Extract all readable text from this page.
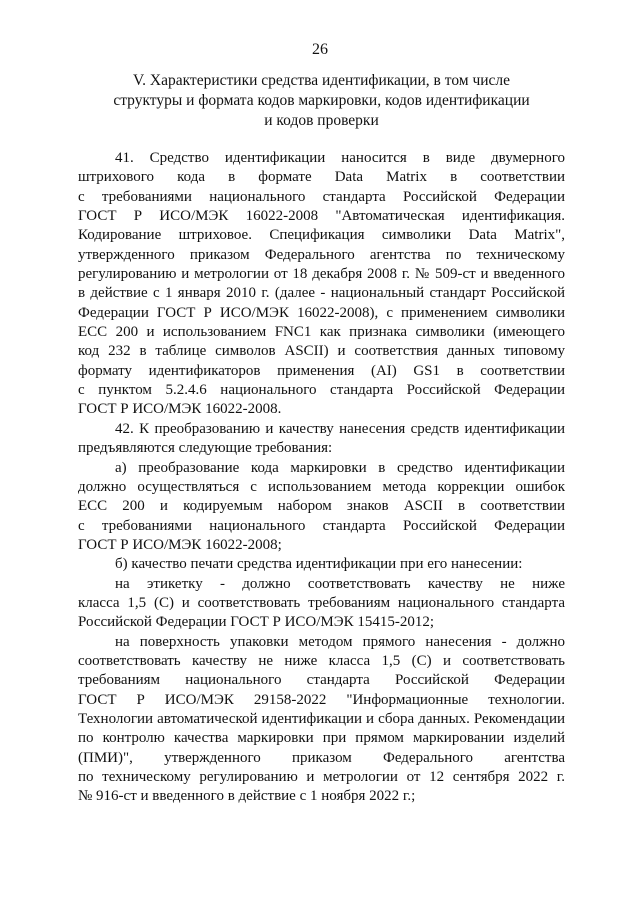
26
V. Характеристики средства идентификации, в том числе
структуры и формата кодов маркировки, кодов идентификации
и кодов проверки
41. Средство идентификации наносится в виде двумерного
штрихового кода в формате Data Matrix в соответствии
с требованиями национального стандарта Российской Федерации
ГОСТ Р ИСО/МЭК 16022-2008 "Автоматическая идентификация.
Кодирование штриховое. Спецификация символики Data Matrix",
утвержденного приказом Федерального агентства по техническому
регулированию и метрологии от 18 декабря 2008 г. № 509-ст и введенного
в действие с 1 января 2010 г. (далее - национальный стандарт Российской
Федерации ГОСТ Р ИСО/МЭК 16022-2008), с применением символики
ЕСС 200 и использованием FNC1 как признака символики (имеющего
код 232 в таблице символов ASCII) и соответствия данных типовому
формату идентификаторов применения (AI) GS1 в соответствии
с пунктом 5.2.4.6 национального стандарта Российской Федерации
ГОСТ Р ИСО/МЭК 16022-2008.
42. К преобразованию и качеству нанесения средств идентификации
предъявляются следующие требования:
а) преобразование кода маркировки в средство идентификации
должно осуществляться с использованием метода коррекции ошибок
ЕСС 200 и кодируемым набором знаков ASCII в соответствии
с требованиями национального стандарта Российской Федерации
ГОСТ Р ИСО/МЭК 16022-2008;
б) качество печати средства идентификации при его нанесении:
на этикетку - должно соответствовать качеству не ниже
класса 1,5 (C) и соответствовать требованиям национального стандарта
Российской Федерации ГОСТ Р ИСО/МЭК 15415-2012;
на поверхность упаковки методом прямого нанесения - должно
соответствовать качеству не ниже класса 1,5 (C) и соответствовать
требованиям национального стандарта Российской Федерации
ГОСТ Р ИСО/МЭК 29158-2022 "Информационные технологии.
Технологии автоматической идентификации и сбора данных. Рекомендации
по контролю качества маркировки при прямом маркировании изделий
(ПМИ)", утвержденного приказом Федерального агентства
по техническому регулированию и метрологии от 12 сентября 2022 г.
№ 916-ст и введенного в действие с 1 ноября 2022 г.;
